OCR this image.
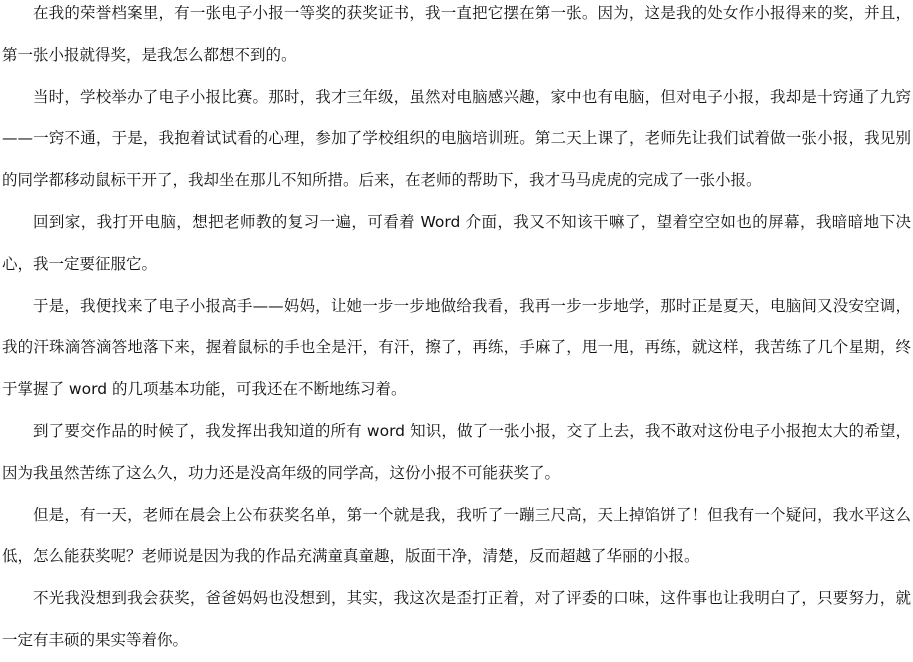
在我的荣誉档案里，有一张电子小报一等奖的获奖证书，我一直把它摆在第一张。因为，这是我的处女作小报得来的奖，并且，第一张小报就得奖，是我怎么都想不到的。

当时，学校举办了电子小报比赛。那时，我才三年级，虽然对电脑感兴趣，家中也有电脑，但对电子小报，我却是十窍通了九窍——一窍不通，于是，我抱着试试看的心理，参加了学校组织的电脑培训班。第二天上课了，老师先让我们试着做一张小报，我见别的同学都移动鼠标干开了，我却坐在那儿不知所措。后来，在老师的帮助下，我才马马虎虎的完成了一张小报。

回到家，我打开电脑，想把老师教的复习一遍，可看着 Word 介面，我又不知该干嘛了，望着空空如也的屏幕，我暗暗地下决心，我一定要征服它。

于是，我便找来了电子小报高手——妈妈，让她一步一步地做给我看，我再一步一步地学，那时正是夏天，电脑间又没安空调，我的汗珠滴答滴答地落下来，握着鼠标的手也全是汗，有汗，擦了，再练，手麻了，甩一甩，再练，就这样，我苦练了几个星期，终于掌握了 word 的几项基本功能，可我还在不断地练习着。

到了要交作品的时候了，我发挥出我知道的所有 word 知识，做了一张小报，交了上去，我不敢对这份电子小报抱太大的希望，因为我虽然苦练了这么久，功力还是没高年级的同学高，这份小报不可能获奖了。

但是，有一天，老师在晨会上公布获奖名单，第一个就是我，我听了一蹦三尺高，天上掉馅饼了！但我有一个疑问，我水平这么低，怎么能获奖呢？老师说是因为我的作品充满童真童趣，版面干净，清楚，反而超越了华丽的小报。

不光我没想到我会获奖，爸爸妈妈也没想到，其实，我这次是歪打正着，对了评委的口味，这件事也让我明白了，只要努力，就一定有丰硕的果实等着你。
